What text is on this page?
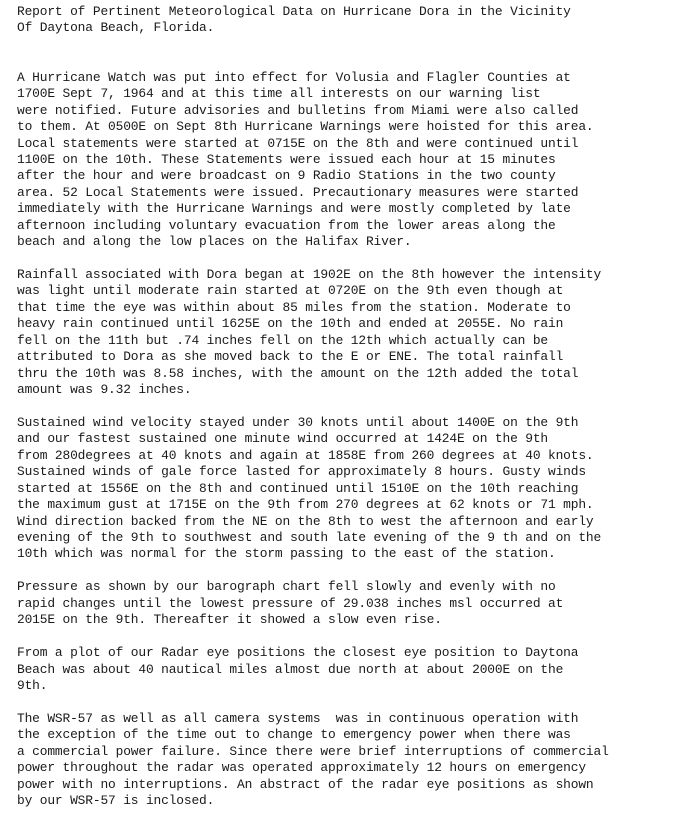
Report of Pertinent Meteorological Data on Hurricane Dora in the Vicinity
Of Daytona Beach, Florida.
A Hurricane Watch was put into effect for Volusia and Flagler Counties at
1700E Sept 7, 1964 and at this time all interests on our warning list
were notified. Future advisories and bulletins from Miami were also called
to them. At 0500E on Sept 8th Hurricane Warnings were hoisted for this area.
Local statements were started at 0715E on the 8th and were continued until
1100E on the 10th. These Statements were issued each hour at 15 minutes
after the hour and were broadcast on 9 Radio Stations in the two county
area. 52 Local Statements were issued. Precautionary measures were started
immediately with the Hurricane Warnings and were mostly completed by late
afternoon including voluntary evacuation from the lower areas along the
beach and along the low places on the Halifax River.
Rainfall associated with Dora began at 1902E on the 8th however the intensity
was light until moderate rain started at 0720E on the 9th even though at
that time the eye was within about 85 miles from the station. Moderate to
heavy rain continued until 1625E on the 10th and ended at 2055E. No rain
fell on the 11th but .74 inches fell on the 12th which actually can be
attributed to Dora as she moved back to the E or ENE. The total rainfall
thru the 10th was 8.58 inches, with the amount on the 12th added the total
amount was 9.32 inches.
Sustained wind velocity stayed under 30 knots until about 1400E on the 9th
and our fastest sustained one minute wind occurred at 1424E on the 9th
from 280degrees at 40 knots and again at 1858E from 260 degrees at 40 knots.
Sustained winds of gale force lasted for approximately 8 hours. Gusty winds
started at 1556E on the 8th and continued until 1510E on the 10th reaching
the maximum gust at 1715E on the 9th from 270 degrees at 62 knots or 71 mph.
Wind direction backed from the NE on the 8th to west the afternoon and early
evening of the 9th to southwest and south late evening of the 9 th and on the
10th which was normal for the storm passing to the east of the station.
Pressure as shown by our barograph chart fell slowly and evenly with no
rapid changes until the lowest pressure of 29.038 inches msl occurred at
2015E on the 9th. Thereafter it showed a slow even rise.
From a plot of our Radar eye positions the closest eye position to Daytona
Beach was about 40 nautical miles almost due north at about 2000E on the
9th.
The WSR-57 as well as all camera systems  was in continuous operation with
the exception of the time out to change to emergency power when there was
a commercial power failure. Since there were brief interruptions of commercial
power throughout the radar was operated approximately 12 hours on emergency
power with no interruptions. An abstract of the radar eye positions as shown
by our WSR-57 is inclosed.
